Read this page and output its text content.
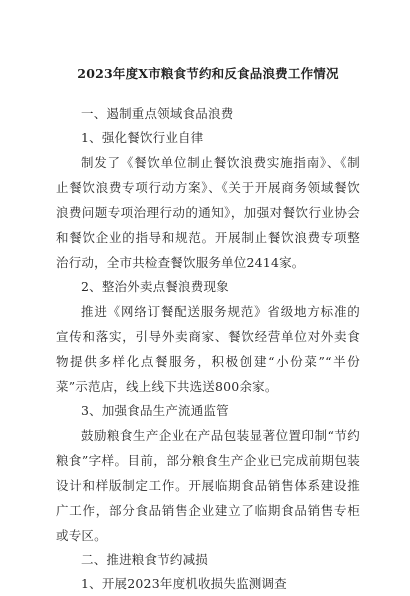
2023年度X市粮食节约和反食品浪费工作情况

一、遏制重点领域食品浪费

1、强化餐饮行业自律

制发了《餐饮单位制止餐饮浪费实施指南》、《制止餐饮浪费专项行动方案》、《关于开展商务领域餐饮浪费问题专项治理行动的通知》，加强对餐饮行业协会和餐饮企业的指导和规范。开展制止餐饮浪费专项整治行动，全市共检查餐饮服务单位2414家。

2、整治外卖点餐浪费现象

推进《网络订餐配送服务规范》省级地方标准的宣传和落实，引导外卖商家、餐饮经营单位对外卖食物提供多样化点餐服务，积极创建“小份菜”“半份菜”示范店，线上线下共选送800余家。

3、加强食品生产流通监管

鼓励粮食生产企业在产品包装显著位置印制“节约粮食”字样。目前，部分粮食生产企业已完成前期包装设计和样版制定工作。开展临期食品销售体系建设推广工作，部分食品销售企业建立了临期食品销售专柜或专区。

二、推进粮食节约减损

1、开展2023年度机收损失监测调查
